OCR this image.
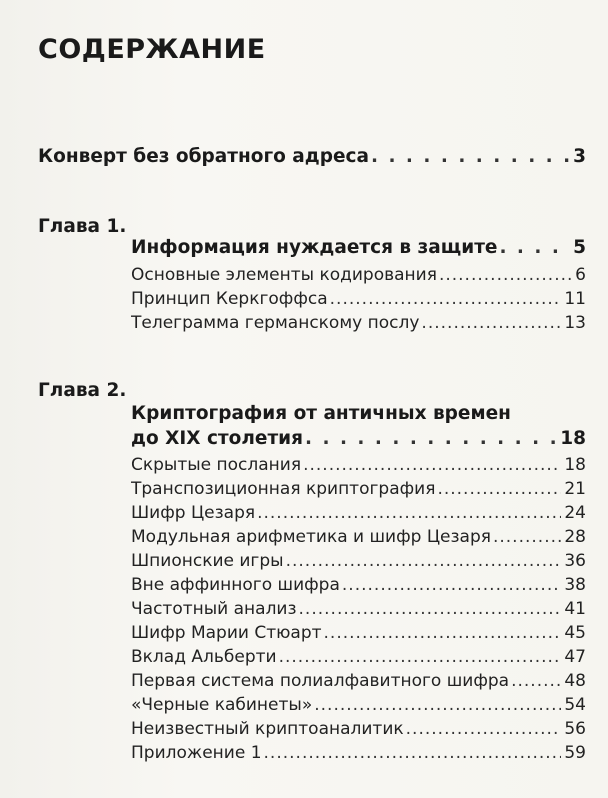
СОДЕРЖАНИЕ
Конверт без обратного адреса . . .	3
Глава 1.
Информация нуждается в защите . . .	5
Основные элементы кодирования .....	6
Принцип Керкгоффса .....	11
Телеграмма германскому послу .....	13
Глава 2.
Криптография от античных времен
до XIX столетия . . .	18
Скрытые послания .....	18
Транспозиционная криптография .....	21
Шифр Цезаря .....	24
Модульная арифметика и шифр Цезаря .....	28
Шпионские игры .....	36
Вне аффинного шифра .....	38
Частотный анализ .....	41
Шифр Марии Стюарт .....	45
Вклад Альберти .....	47
Первая система полиалфавитного шифра .....	48
«Черные кабинеты» .....	54
Неизвестный криптоаналитик .....	56
Приложение 1 .....	59
